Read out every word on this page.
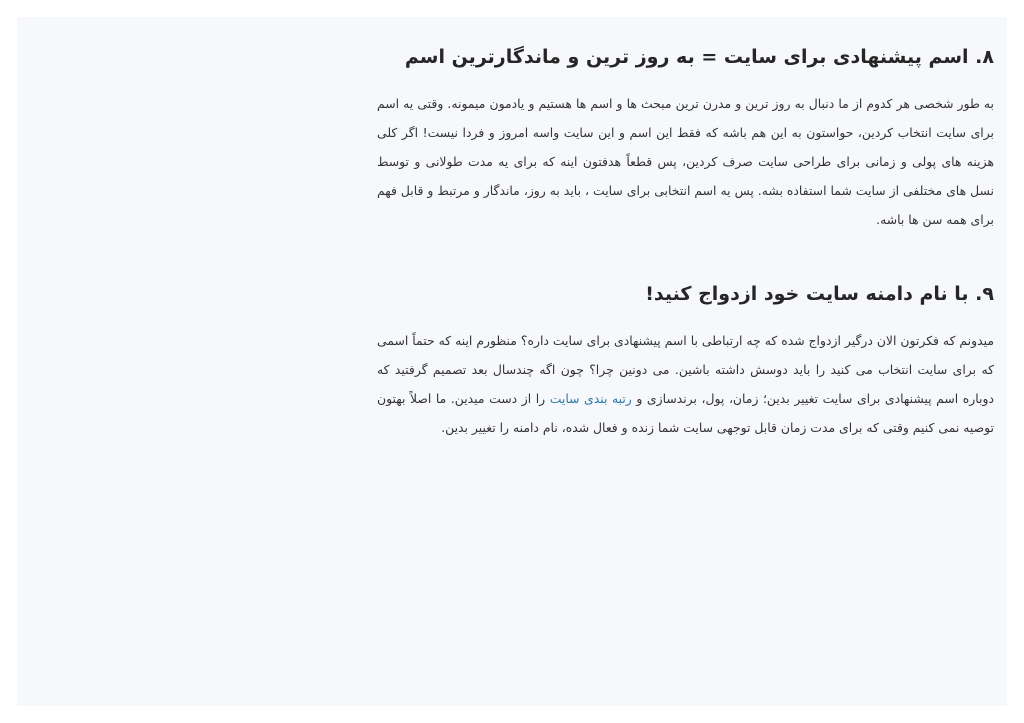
۸. اسم پیشنهادی برای سایت = به روز ترین و ماندگارترین اسم

به طور شخصی هر کدوم از ما دنبال به روز ترین و مدرن ترین مبحث ها و اسم ها هستیم و یادمون میمونه. وقتی یه اسم برای سایت انتخاب کردین، حواستون به این هم باشه که فقط این اسم و این سایت واسه امروز و فردا نیست! اگر کلی هزینه های پولی و زمانی برای طراحی سایت صرف کردین، پس قطعاً هدفتون اینه که برای یه مدت طولانی و توسط نسل های مختلفی از سایت شما استفاده بشه. پس یه اسم انتخابی برای سایت ، باید به روز، ماندگار و مرتبط و قابل فهم برای همه سن ها باشه.

۹. با نام دامنه سایت خود ازدواج کنید!

میدونم که فکرتون الان درگیر ازدواج شده که چه ارتباطی با اسم پیشنهادی برای سایت داره؟ منظورم اینه که حتماً اسمی که برای سایت انتخاب می کنید را باید دوسش داشته باشین. می دونین چرا؟ چون اگه چندسال بعد تصمیم گرفتید که دوباره اسم پیشنهادی برای سایت تغییر بدین؛ زمان، پول، برندسازی و رتبه بندی سایت را از دست میدین. ما اصلاً بهتون توصیه نمی کنیم وقتی که برای مدت زمان قابل توجهی سایت شما زنده و فعال شده، نام دامنه را تغییر بدین.
